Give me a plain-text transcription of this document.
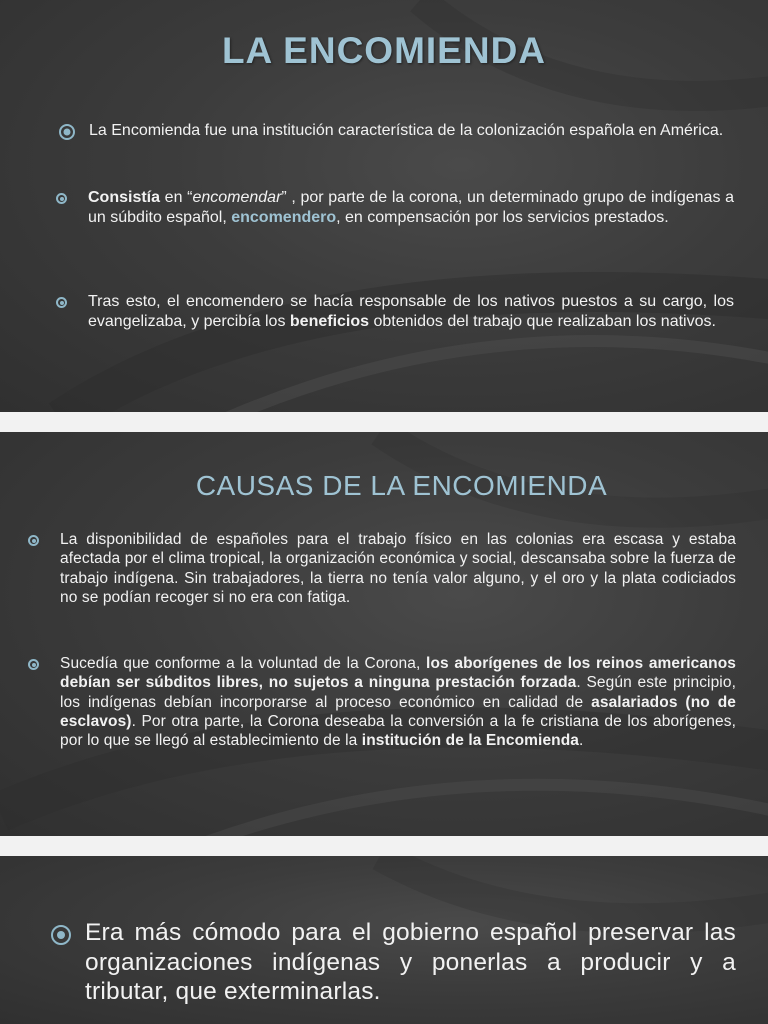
LA ENCOMIENDA
La Encomienda fue una institución característica de la colonización española en América.
Consistía en “encomendar” , por parte de la corona, un determinado grupo de indígenas a un súbdito español, encomendero, en compensación por los servicios prestados.
Tras esto, el encomendero se hacía responsable de los nativos puestos a su cargo, los evangelizaba, y percibía los beneficios obtenidos del trabajo que realizaban los nativos.
CAUSAS DE LA ENCOMIENDA
La disponibilidad de españoles para el trabajo físico en las colonias era escasa y estaba afectada por el clima tropical, la organización económica y social, descansaba sobre la fuerza de trabajo indígena. Sin trabajadores, la tierra no tenía valor alguno, y el oro y la plata codiciados no se podían recoger si no era con fatiga.
Sucedía que conforme a la voluntad de la Corona, los aborígenes de los reinos americanos debían ser súbditos libres, no sujetos a ninguna prestación forzada. Según este principio, los indígenas debían incorporarse al proceso económico en calidad de asalariados (no de esclavos). Por otra parte, la Corona deseaba la conversión a la fe cristiana de los aborígenes, por lo que se llegó al establecimiento de la institución de la Encomienda.
Era más cómodo para el gobierno español preservar las organizaciones indígenas y ponerlas a producir y a tributar, que exterminarlas.
